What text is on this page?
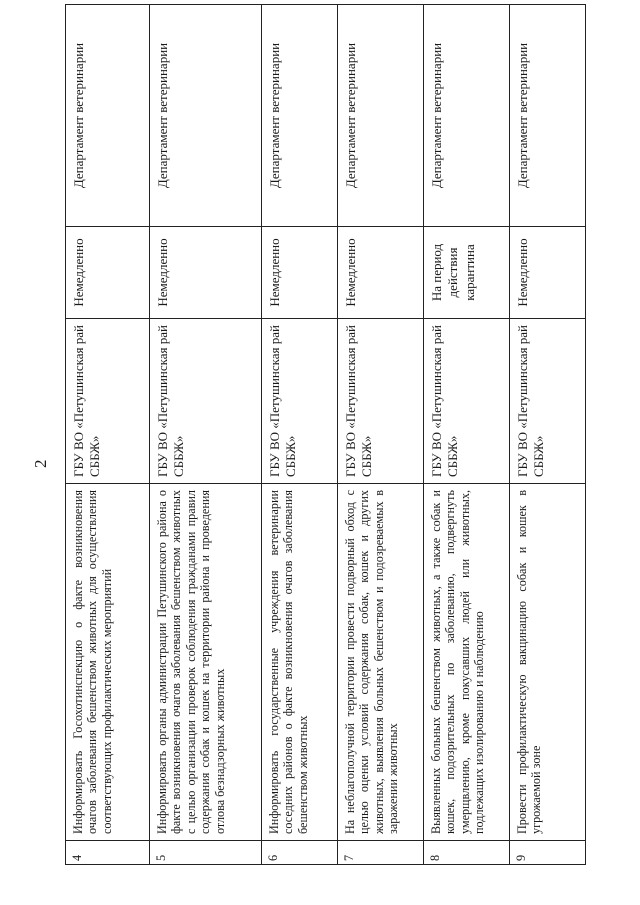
2
4	Информировать Госохотинспекцию о факте возникновения очагов заболевания бешенством животных для осуществления соответствующих профилактических мероприятий	ГБУ ВО «Петушинская рай СББЖ»	Немедленно	Департамент ветеринарии
5	Информировать органы администрации Петушинского района о факте возникновения очагов заболевания бешенством животных с целью организации проверок соблюдения гражданами правил содержания собак и кошек на территории района и проведения отлова безнадзорных животных	ГБУ ВО «Петушинская рай СББЖ»	Немедленно	Департамент ветеринарии
6	Информировать государственные учреждения ветеринарии соседних районов о факте возникновения очагов заболевания бешенством животных	ГБУ ВО «Петушинская рай СББЖ»	Немедленно	Департамент ветеринарии
7	На неблагополучной территории провести подворный обход с целью оценки условий содержания собак, кошек и других животных, выявления больных бешенством и подозреваемых в заражении животных	ГБУ ВО «Петушинская рай СББЖ»	Немедленно	Департамент ветеринарии
8	Выявленных больных бешенством животных, а также собак и кошек, подозрительных по заболеванию, подвергнуть умерщвлению, кроме покусавших людей или животных, подлежащих изолированию и наблюдению	ГБУ ВО «Петушинская рай СББЖ»	На период действия карантина	Департамент ветеринарии
9	Провести профилактическую вакцинацию собак и кошек в угрожаемой зоне	ГБУ ВО «Петушинская рай СББЖ»	Немедленно	Департамент ветеринарии
